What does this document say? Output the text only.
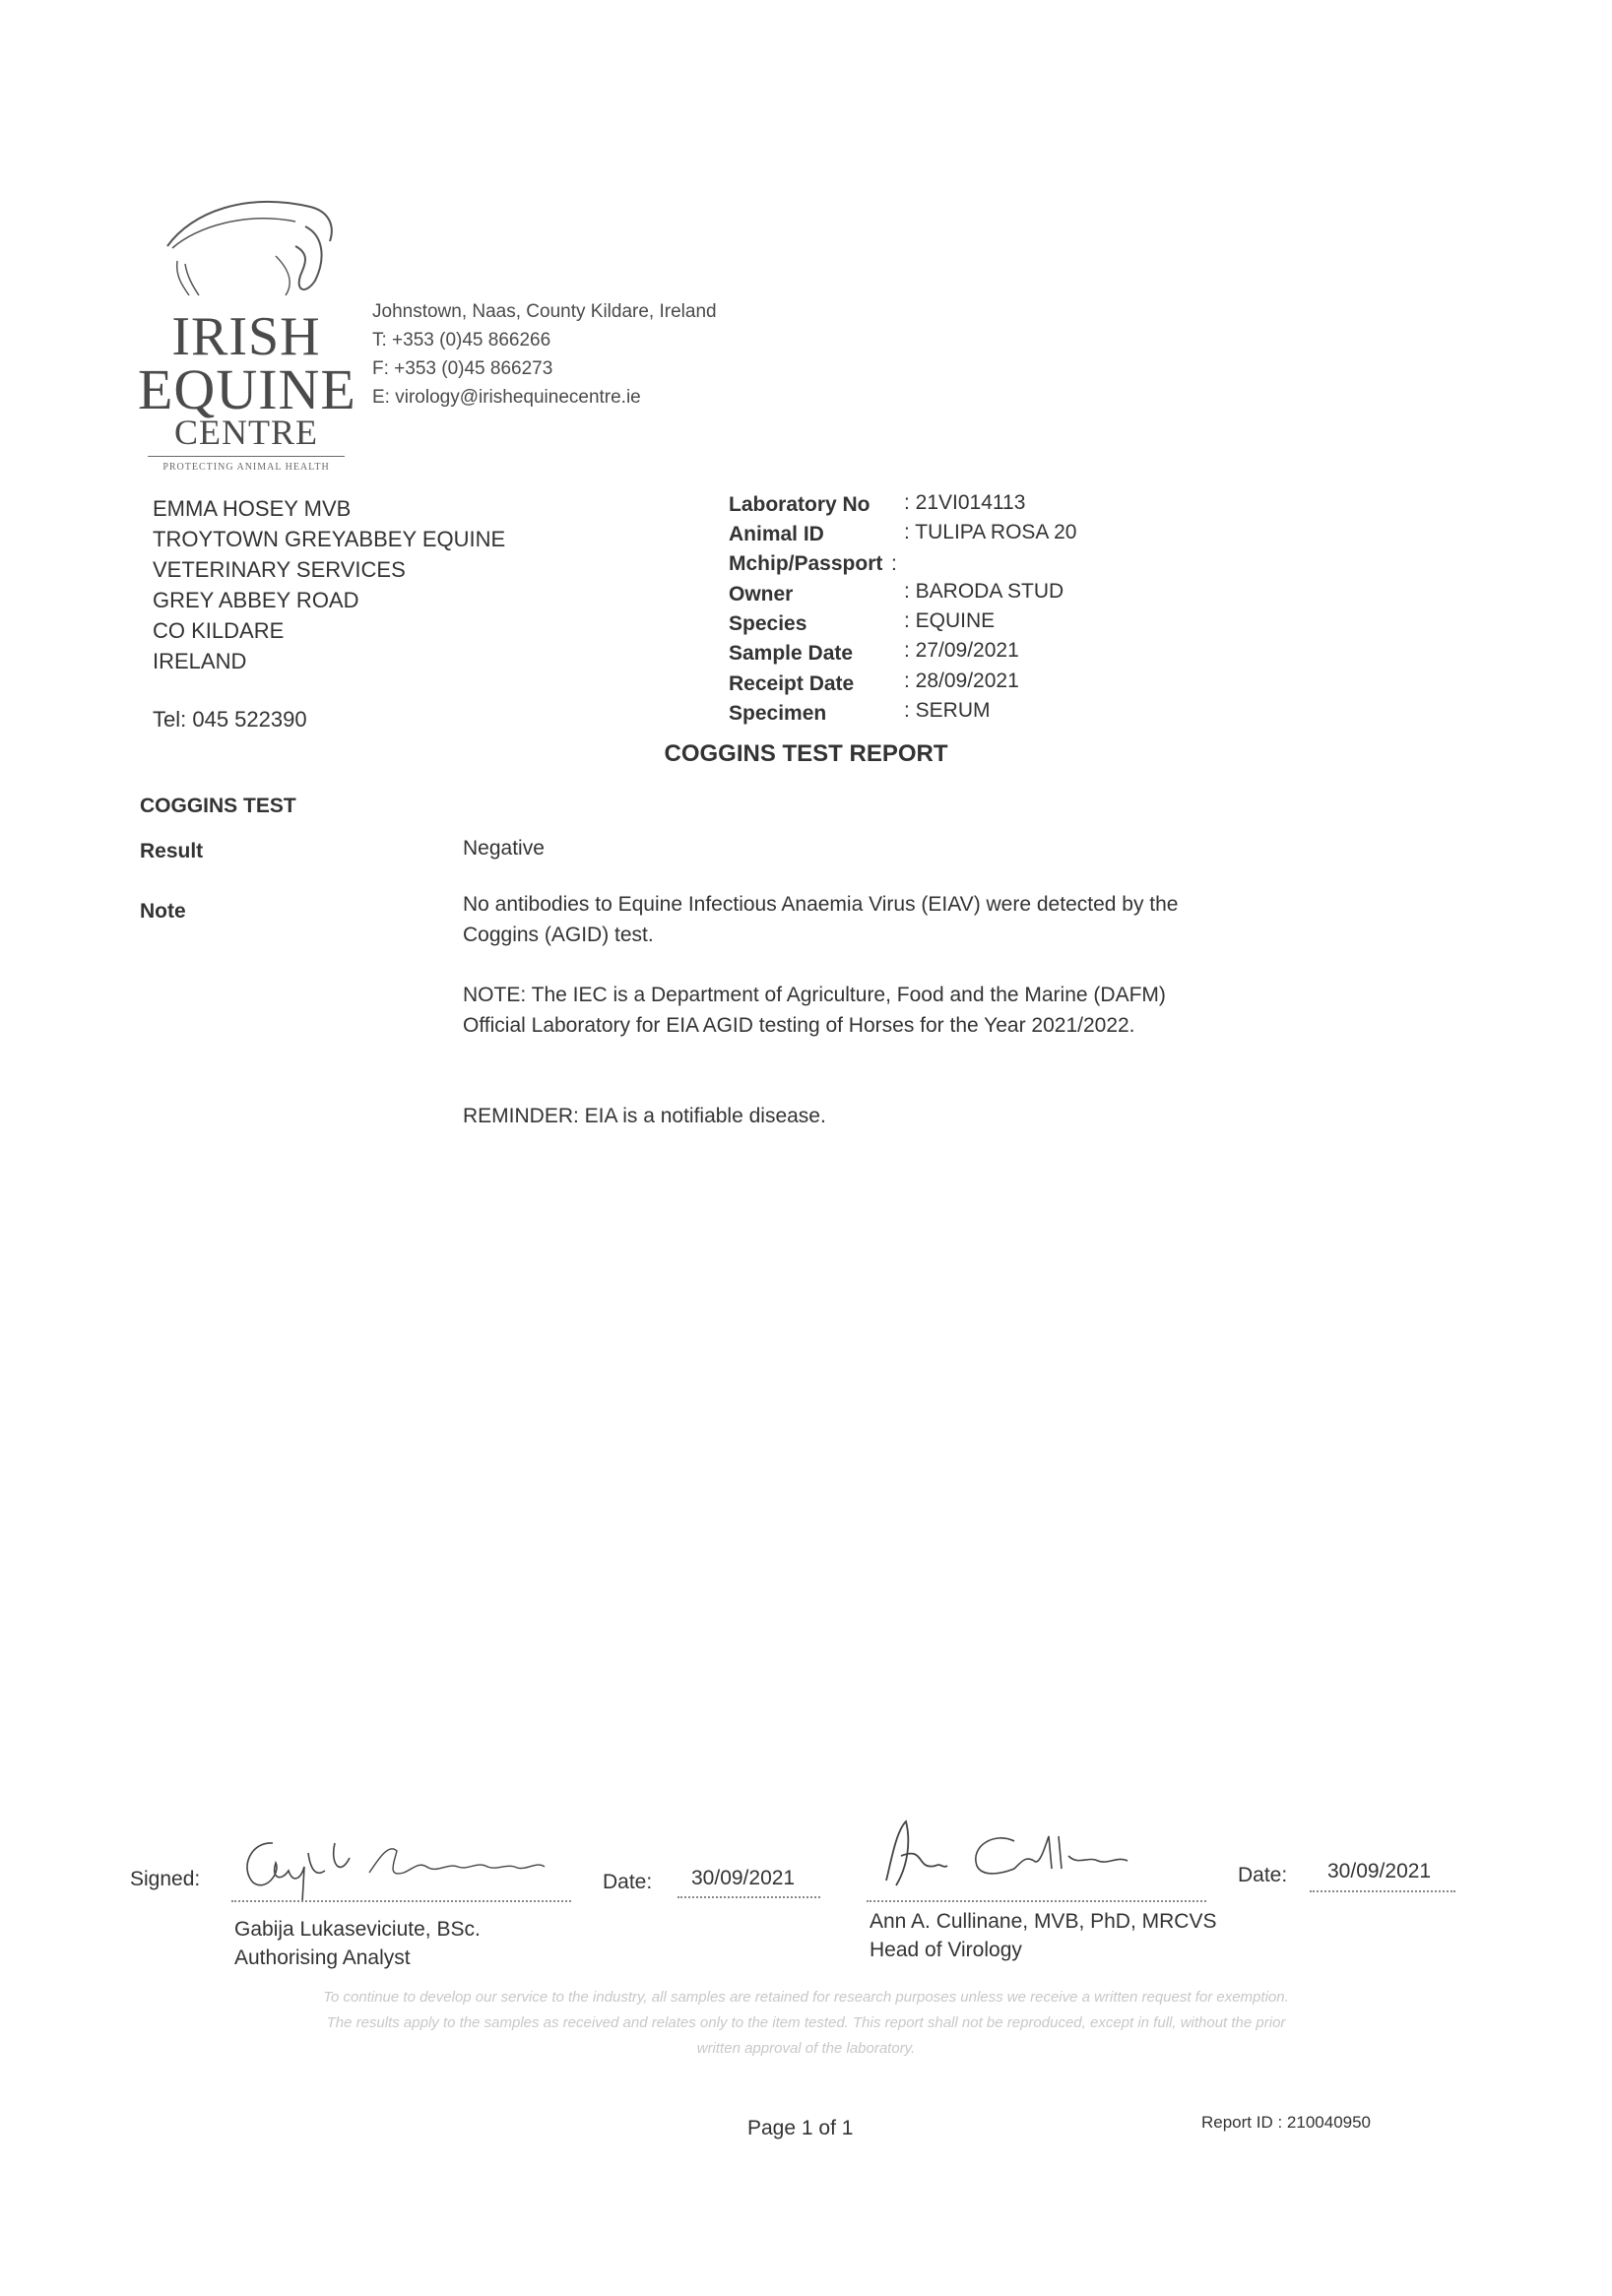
IRISH
EQUINE
CENTRE
PROTECTING ANIMAL HEALTH
Johnstown, Naas, County Kildare, Ireland
T: +353 (0)45 866266
F: +353 (0)45 866273
E: virology@irishequinecentre.ie
EMMA HOSEY MVB
TROYTOWN GREYABBEY EQUINE
VETERINARY SERVICES
GREY ABBEY ROAD
CO KILDARE
IRELAND
Tel: 045 522390
Laboratory No : 21VI014113
Animal ID	: TULIPA ROSA 20
Mchip/Passport :
Owner	: BARODA STUD
Species	: EQUINE
Sample Date : 27/09/2021
Receipt Date : 28/09/2021
Specimen	: SERUM
COGGINS TEST REPORT
COGGINS TEST
Result	Negative
Note	No antibodies to Equine Infectious Anaemia Virus (EIAV) were detected by the Coggins (AGID) test.
NOTE: The IEC is a Department of Agriculture, Food and the Marine (DAFM) Official Laboratory for EIA AGID testing of Horses for the Year 2021/2022.
REMINDER: EIA is a notifiable disease.
Signed:	Date: 30/09/2021	Date: 30/09/2021
Gabija Lukaseviciute, BSc.
Authorising Analyst
Ann A. Cullinane, MVB, PhD, MRCVS
Head of Virology
To continue to develop our service to the industry, all samples are retained for research purposes unless we receive a written request for exemption.
The results apply to the samples as received and relates only to the item tested. This report shall not be reproduced, except in full, without the prior
written approval of the laboratory.
Page 1 of 1	Report ID : 210040950
